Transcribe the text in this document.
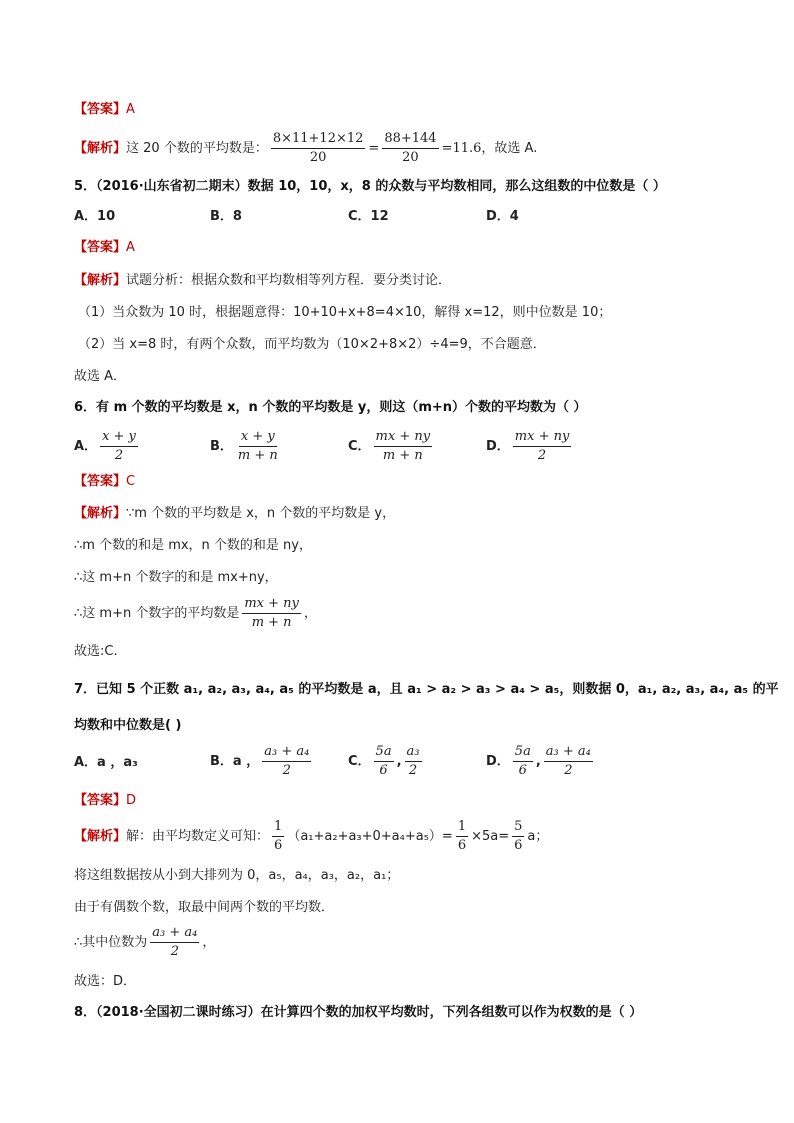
【答案】A
【解析】这 20 个数的平均数是： $\frac{8\times 11+12\times 12}{20} = \frac{88+144}{20} =11.6$，故选 A.
5．（2016·山东省初二期末）数据 10，10，x，8 的众数与平均数相同，那么这组数的中位数是（ ）
A．10	B．8	C．12	D．4
【答案】A
【解析】试题分析：根据众数和平均数相等列方程．要分类讨论．
（1）当众数为 10 时，根据题意得：10+10+x+8=4×10，解得 x=12，则中位数是 10；
（2）当 x=8 时，有两个众数，而平均数为（10×2+8×2）÷4=9，不合题意．
故选 A．
6．有 m 个数的平均数是 x，n 个数的平均数是 y，则这（m+n）个数的平均数为（ ）
A． $\frac{x + y}{2}$	B． $\frac{x + y}{m + n}$	C． $\frac{mx + ny}{m + n}$	D． $\frac{mx + ny}{2}$
【答案】C
【解析】∵m 个数的平均数是 x，n 个数的平均数是 y，
∴m 个数的和是 mx，n 个数的和是 ny，
∴这 m+n 个数字的和是 mx+ny，
∴这 m+n 个数字的平均数是 $\frac{mx + ny}{m + n}$ ，
故选:C.
7．已知 5 个正数 a₁, a₂, a₃, a₄, a₅ 的平均数是 a，且 a₁ > a₂ > a₃ > a₄ > a₅，则数据 0，a₁, a₂, a₃, a₄, a₅ 的平
均数和中位数是( )
A．a ，a₃	B．a ， $\frac{\text{a₃ + a₄}}{2}$	C． $\frac{5a}{6}$ , $\frac{\text{a₃}}{2}$	D． $\frac{5a}{6}$ , $\frac{\text{a₃ + a₄}}{2}$
【答案】D
【解析】解：由平均数定义可知： $\frac{1}{6} (a_1+a_2+a_3+0+a_4+a_5)= \frac{1}{6} \times 5a= \frac{5}{6}$ a；
将这组数据按从小到大排列为 0，a₅，a₄，a₃，a₂，a₁；
由于有偶数个数，取最中间两个数的平均数．
∴其中位数为 $\frac{\text{a₃ + a₄}}{2}$ ，
故选：D．
8．（2018·全国初二课时练习）在计算四个数的加权平均数时，下列各组数可以作为权数的是（ ）
